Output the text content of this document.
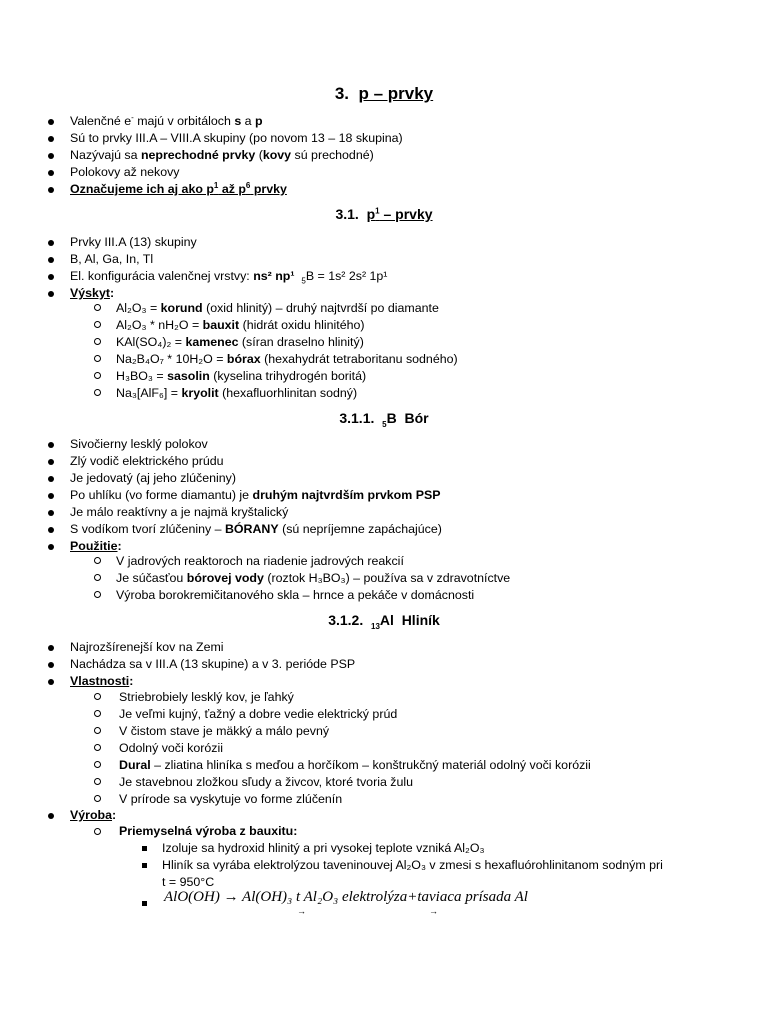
3. p – prvky
Valenčné e- majú v orbitáloch s a p
Sú to prvky III.A – VIII.A skupiny (po novom 13 – 18 skupina)
Nazývajú sa neprechodné prvky (kovy sú prechodné)
Polokovy až nekovy
Označujeme ich aj ako $p^1$ až $p^6$ prvky
3.1. $p^1$ – prvky
Prvky III.A (13) skupiny
B, Al, Ga, In, Tl
El. konfigurácia valenčnej vrstvy: ns² np¹ $_5$B = 1s² 2s² 1p¹
Výskyt:
Al₂O₃ = korund (oxid hlinitý) – druhý najtvrdší po diamante
Al₂O₃ * nH₂O = bauxit (hidrát oxidu hlinitého)
KAl(SO₄)₂ = kamenec (síran draselno hlinitý)
Na₂B₄O₇ * 10H₂O = bórax (hexahydrát tetraboritanu sodného)
H₃BO₃ = sasolin (kyselina trihydrogén boritá)
Na₃[AlF₆] = kryolit (hexafluorhlinitan sodný)
3.1.1. $_5$B Bór
Sivočierny lesklý polokov
Zlý vodič elektrického prúdu
Je jedovatý (aj jeho zlúčeniny)
Po uhlíku (vo forme diamantu) je druhým najtvrdším prvkom PSP
Je málo reaktívny a je najmä kryštalický
S vodíkom tvorí zlúčeniny – BÓRANY (sú nepríjemne zapáchajúce)
Použitie:
V jadrových reaktoroch na riadenie jadrových reakcií
Je súčasťou bórovej vody (roztok H₃BO₃) – používa sa v zdravotníctve
Výroba borokremičitanového skla – hrnce a pekáče v domácnosti
3.1.2. $_{13}$Al Hliník
Najrozšírenejší kov na Zemi
Nachádza sa v III.A (13 skupine) a v 3. perióde PSP
Vlastnosti:
Striebrobiely lesklý kov, je ľahký
Je veľmi kujný, ťažný a dobre vedie elektrický prúd
V čistom stave je mäkký a málo pevný
Odolný voči korózii
Dural – zliatina hliníka s meďou a horčíkom – konštrukčný materiál odolný voči korózii
Je stavebnou zložkou sľudy a živcov, ktoré tvoria žulu
V prírode sa vyskytuje vo forme zlúčenín
Výroba:
Priemyselná výroba z bauxitu:
Izoluje sa hydroxid hlinitý a pri vysokej teplote vzniká Al₂O₃
Hliník sa vyrába elektrolýzou taveninouvej Al₂O₃ v zmesi s hexafluórohlinitanom sodným pri
t = 950°C
AlO(OH) → Al(OH)₃ t Al₂O₃ elektrolýza+taviaca prísada Al
→	→
